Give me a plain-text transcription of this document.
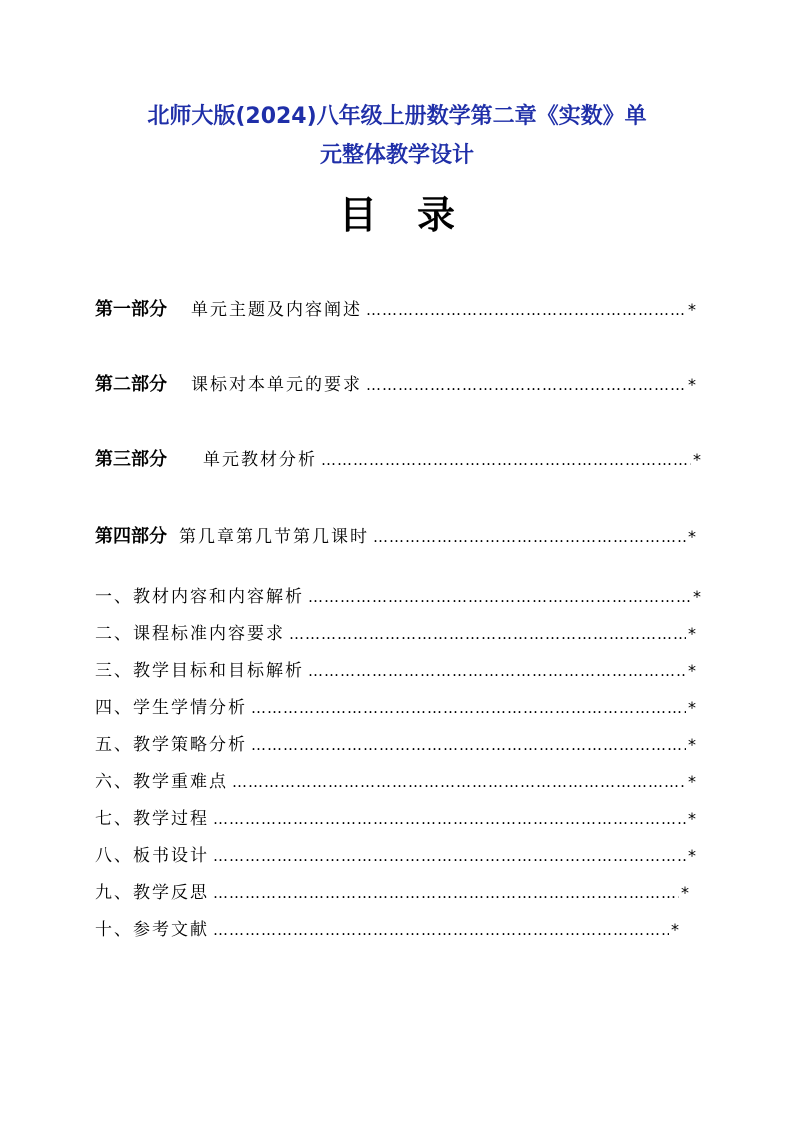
北师大版(2024)八年级上册数学第二章《实数》单
元整体教学设计
目录
第一部分 单元主题及内容阐述 ………………………………………………………………………………………………………………………………………………………………………………	*
第二部分 课标对本单元的要求 ………………………………………………………………………………………………………………………………………………………………………………	*
第三部分 单元教材分析 ………………………………………………………………………………………………………………………………………………………………………………	*
第四部分 第几章第几节第几课时 ………………………………………………………………………………………………………………………………………………………………………………	*
一、教材内容和内容解析 ………………………………………………………………………………………………………………………………………………………………………………	*
二、课程标准内容要求 ………………………………………………………………………………………………………………………………………………………………………………	*
三、教学目标和目标解析 ………………………………………………………………………………………………………………………………………………………………………………	*
四、学生学情分析 ………………………………………………………………………………………………………………………………………………………………………………	*
五、教学策略分析 ………………………………………………………………………………………………………………………………………………………………………………	*
六、教学重难点 ………………………………………………………………………………………………………………………………………………………………………………	*
七、教学过程 ………………………………………………………………………………………………………………………………………………………………………………	*
八、板书设计 ………………………………………………………………………………………………………………………………………………………………………………	*
九、教学反思 ………………………………………………………………………………………………………………………………………………………………………………	*
十、参考文献 ………………………………………………………………………………………………………………………………………………………………………………	*
